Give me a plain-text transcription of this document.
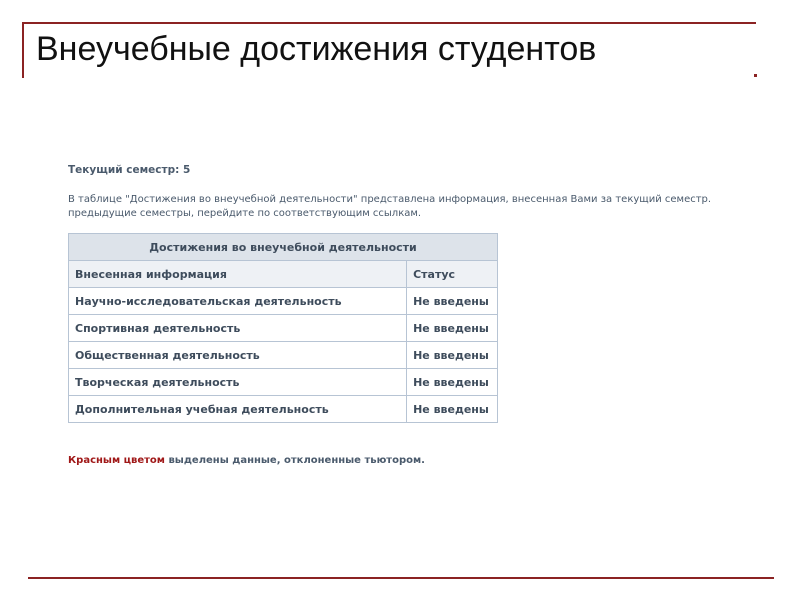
Внеучебные достижения студентов

Текущий семестр: 5

В таблице "Достижения во внеучебной деятельности" представлена информация, внесенная Вами за текущий семестр.
предыдущие семестры, перейдите по соответствующим ссылкам.
Достижения во внеучебной деятельности	
Внесенная информация	Статус
Научно-исследовательская деятельность	Не введены
Спортивная деятельность	Не введены
Общественная деятельность	Не введены
Творческая деятельность	Не введены
Дополнительная учебная деятельность	Не введены
Красным цветом выделены данные, отклоненные тьютором.
